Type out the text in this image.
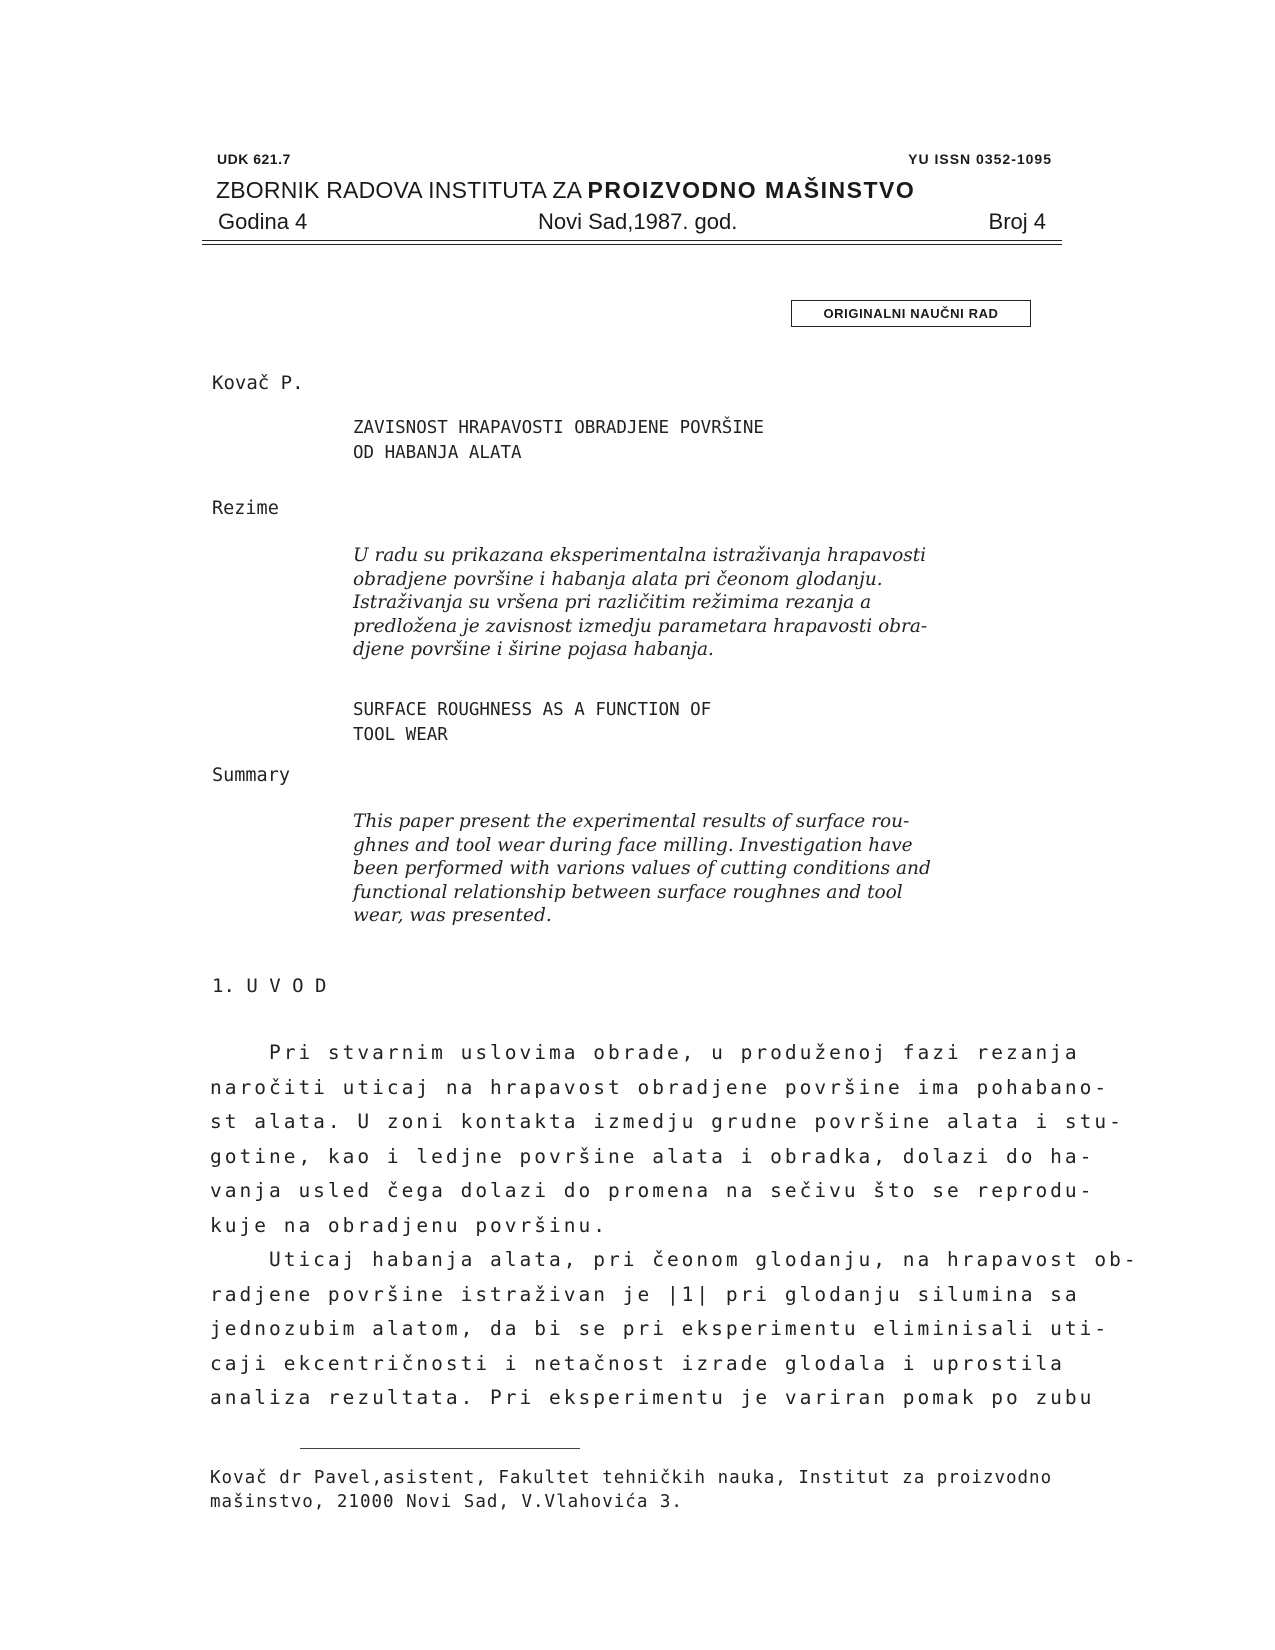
UDK 621.7	YU ISSN 0352-1095
ZBORNIK RADOVA INSTITUTA ZA PROIZVODNO MAŠINSTVO
Godina 4	Novi Sad,1987. god.	Broj 4
ORIGINALNI NAUČNI RAD
Kovač P.
ZAVISNOST HRAPAVOSTI OBRADJENE POVRŠINE
OD HABANJA ALATA
Rezime
U radu su prikazana eksperimentalna istraživanja hrapavosti
obradjene površine i habanja alata pri čeonom glodanju.
Istraživanja su vršena pri različitim režimima rezanja a
predložena je zavisnost izmedju parametara hrapavosti obra-
djene površine i širine pojasa habanja.
SURFACE ROUGHNESS AS A FUNCTION OF
TOOL WEAR
Summary
This paper present the experimental results of surface rou-
ghnes and tool wear during face milling. Investigation have
been performed with varions values of cutting conditions and
functional relationship between surface roughnes and tool
wear, was presented.
1. U V O D

Pri stvarnim uslovima obrade, u produženoj fazi rezanja

naročiti uticaj na hrapavost obradjene površine ima pohabano-

st alata. U zoni kontakta izmedju grudne površine alata i stu-

gotine, kao i ledjne površine alata i obradka, dolazi do ha-

vanja usled čega dolazi do promena na sečivu što se reprodu-

kuje na obradjenu površinu.

Uticaj habanja alata, pri čeonom glodanju, na hrapavost ob-

radjene površine istraživan je |1| pri glodanju silumina sa

jednozubim alatom, da bi se pri eksperimentu eliminisali uti-

caji ekcentričnosti i netačnost izrade glodala i uprostila

analiza rezultata. Pri eksperimentu je variran pomak po zubu

Kovač dr Pavel,asistent, Fakultet tehničkih nauka, Institut za proizvodno

mašinstvo, 21000 Novi Sad, V.Vlahovića 3.
